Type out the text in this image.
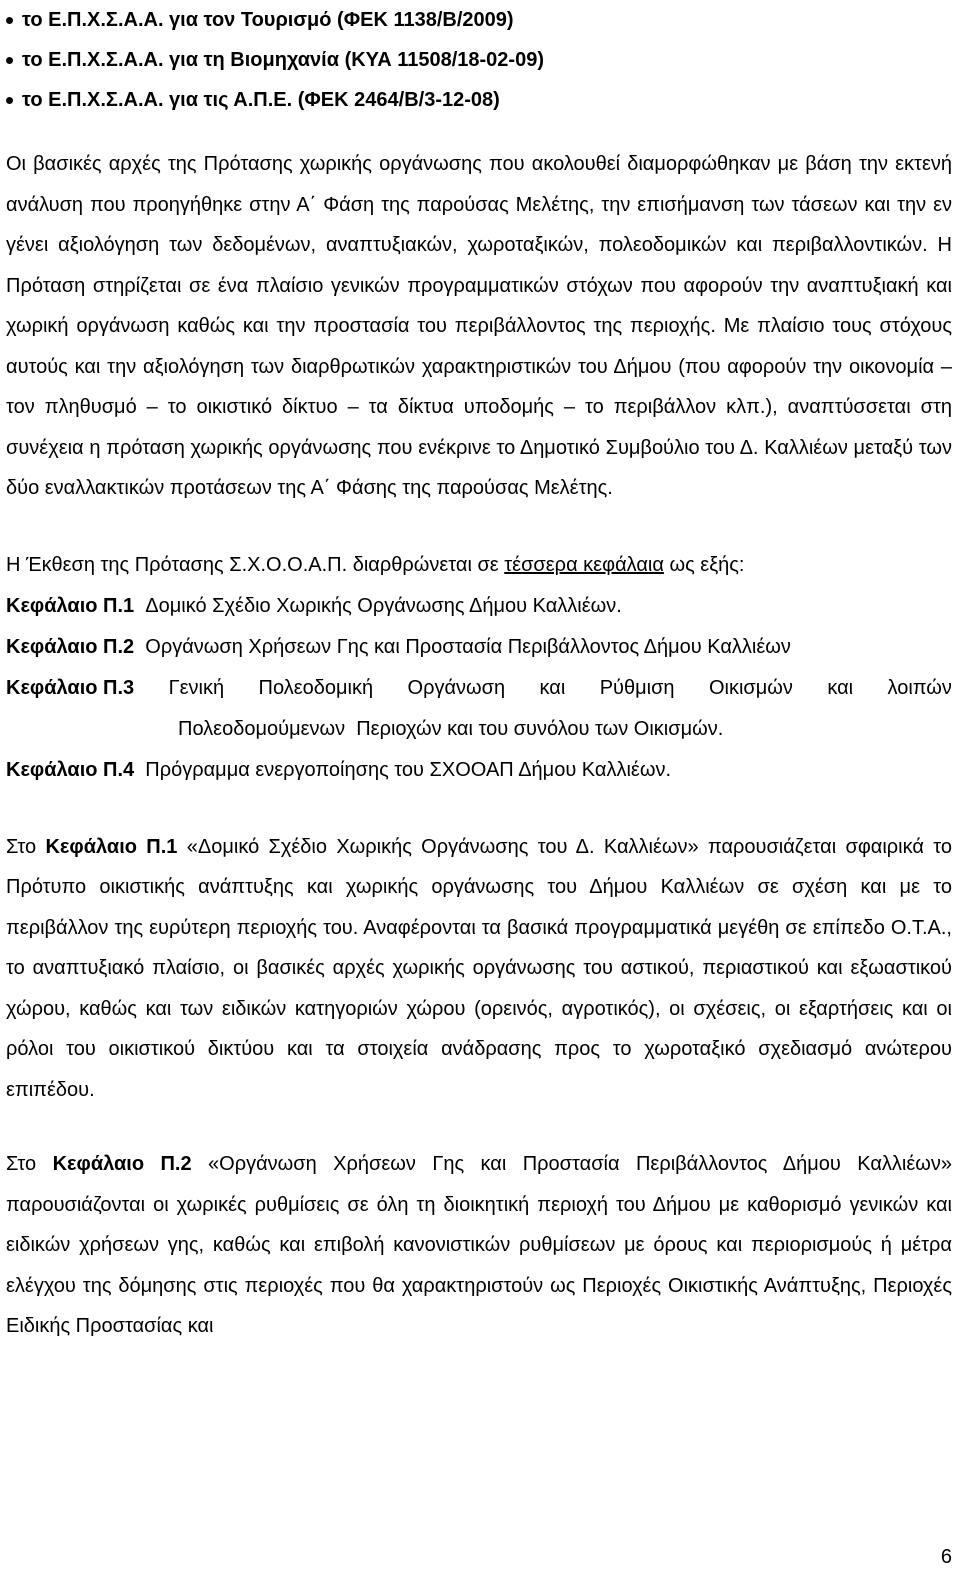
το Ε.Π.Χ.Σ.Α.Α. για τον Τουρισμό (ΦΕΚ 1138/Β/2009)
το Ε.Π.Χ.Σ.Α.Α. για τη Βιομηχανία (ΚΥΑ 11508/18-02-09)
το Ε.Π.Χ.Σ.Α.Α. για τις Α.Π.Ε. (ΦΕΚ 2464/Β/3-12-08)

Οι βασικές αρχές της Πρότασης χωρικής οργάνωσης που ακολουθεί διαμορφώθηκαν με βάση την εκτενή ανάλυση που προηγήθηκε στην Α΄ Φάση της παρούσας Μελέτης, την επισήμανση των τάσεων και την εν γένει αξιολόγηση των δεδομένων, αναπτυξιακών, χωροταξικών, πολεοδομικών και περιβαλλοντικών. Η Πρόταση στηρίζεται σε ένα πλαίσιο γενικών προγραμματικών στόχων που αφορούν την αναπτυξιακή και χωρική οργάνωση καθώς και την προστασία του περιβάλλοντος της περιοχής. Με πλαίσιο τους στόχους αυτούς και την αξιολόγηση των διαρθρωτικών χαρακτηριστικών του Δήμου (που αφορούν την οικονομία – τον πληθυσμό – το οικιστικό δίκτυο – τα δίκτυα υποδομής – το περιβάλλον κλπ.), αναπτύσσεται στη συνέχεια η πρόταση χωρικής οργάνωσης που ενέκρινε το Δημοτικό Συμβούλιο του Δ. Καλλιέων μεταξύ των δύο εναλλακτικών προτάσεων της Α΄ Φάσης της παρούσας Μελέτης.

Η Έκθεση της Πρότασης Σ.Χ.Ο.Ο.Α.Π. διαρθρώνεται σε τέσσερα κεφάλαια ως εξής:
Κεφάλαιο Π.1 Δομικό Σχέδιο Χωρικής Οργάνωσης Δήμου Καλλιέων.
Κεφάλαιο Π.2 Οργάνωση Χρήσεων Γης και Προστασία Περιβάλλοντος Δήμου Καλλιέων
Κεφάλαιο Π.3 Γενική Πολεοδομική Οργάνωση και Ρύθμιση Οικισμών και λοιπών
Πολεοδομούμενων  Περιοχών και του συνόλου των Οικισμών.
Κεφάλαιο Π.4 Πρόγραμμα ενεργοποίησης του ΣΧΟΟΑΠ Δήμου Καλλιέων.

Στο Κεφάλαιο Π.1 «Δομικό Σχέδιο Χωρικής Οργάνωσης του Δ. Καλλιέων» παρουσιάζεται σφαιρικά το Πρότυπο οικιστικής ανάπτυξης και χωρικής οργάνωσης του Δήμου Καλλιέων σε σχέση και με το περιβάλλον της ευρύτερη περιοχής του. Αναφέρονται τα βασικά προγραμματικά μεγέθη σε επίπεδο Ο.Τ.Α., το αναπτυξιακό πλαίσιο, οι βασικές αρχές χωρικής οργάνωσης του αστικού, περιαστικού και εξωαστικού χώρου, καθώς και των ειδικών κατηγοριών χώρου (ορεινός, αγροτικός), οι σχέσεις, οι εξαρτήσεις και οι ρόλοι του οικιστικού δικτύου και τα στοιχεία ανάδρασης προς το χωροταξικό σχεδιασμό ανώτερου επιπέδου.

Στο Κεφάλαιο Π.2 «Οργάνωση Χρήσεων Γης και Προστασία Περιβάλλοντος Δήμου Καλλιέων» παρουσιάζονται οι χωρικές ρυθμίσεις σε όλη τη διοικητική περιοχή του Δήμου με καθορισμό γενικών και ειδικών χρήσεων γης, καθώς και επιβολή κανονιστικών ρυθμίσεων με όρους και περιορισμούς ή μέτρα ελέγχου της δόμησης στις περιοχές που θα χαρακτηριστούν ως Περιοχές Οικιστικής Ανάπτυξης, Περιοχές Ειδικής Προστασίας και

6
